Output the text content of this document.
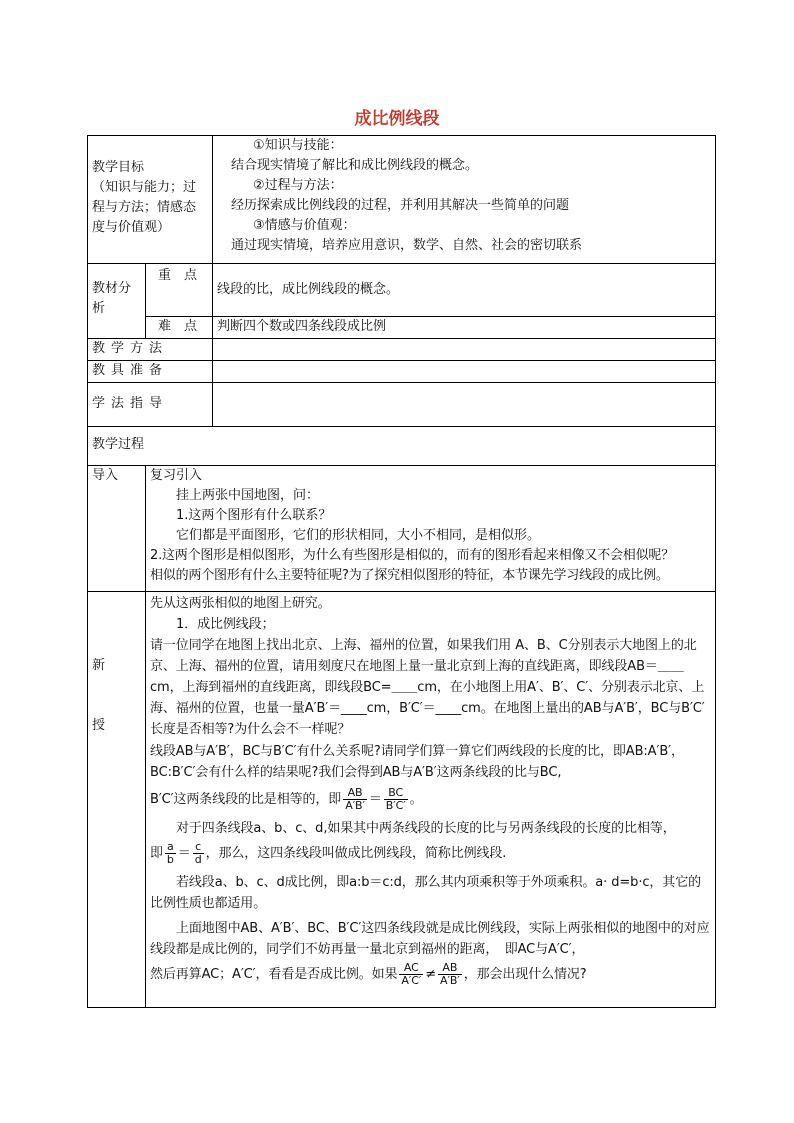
成比例线段
教学目标
（知识与能力；过
程与方法；情感态
度与价值观）
①知识与技能：
结合现实情境了解比和成比例线段的概念。
②过程与方法：
经历探索成比例线段的过程，并利用其解决一些简单的问题
③情感与价值观：
通过现实情境，培养应用意识，数学、自然、社会的密切联系
教材分
析
重　点
线段的比，成比例线段的概念。
难　点	判断四个数或四条线段成比例
教学方法
教具准备
学法指导
教学过程
导入	复习引入
挂上两张中国地图，问：
1.这两个图形有什么联系？
它们都是平面图形，它们的形状相同，大小不相同，是相似形。
2.这两个图形是相似图形，为什么有些图形是相似的，而有的图形看起来相像又不会相似呢？
相似的两个图形有什么主要特征呢?为了探究相似图形的特征，本节课先学习线段的成比例。
新
授
先从这两张相似的地图上研究。
1．成比例线段；
请一位同学在地图上找出北京、上海、福州的位置，如果我们用 A、B、C分别表示大地图上的北京、上海、福州的位置，请用刻度尺在地图上量一量北京到上海的直线距离，即线段AB＝＿＿cm，上海到福州的直线距离，即线段BC=＿＿cm，在小地图上用A′、B′、C′、分别表示北京、上海、福州的位置，也量一量A′B′＝____cm，B′C′＝____cm。在地图上量出的AB与A′B′，BC与B′C′长度是否相等?为什么会不一样呢？
线段AB与A′B′，BC与B′C′有什么关系呢?请同学们算一算它们两线段的长度的比，即AB:A′B′，BC:B′C′会有什么样的结果呢?我们会得到AB与A′B′这两条线段的比与BC,
B′C′这两条线段的比是相等的，即 $\frac{AB}{A'B'} = \frac{BC}{B'C'}$ 。
对于四条线段a、b、c、d,如果其中两条线段的长度的比与另两条线段的长度的比相等，
即 $\frac{a}{b} = \frac{c}{d}$ ，那么，这四条线段叫做成比例线段，简称比例线段.
若线段a、b、c、d成比例，即a:b＝c:d，那么其内项乘积等于外项乘积。a· d=b·c，其它的比例性质也都适用。
上面地图中AB、A′B′、BC、B′C′这四条线段就是成比例线段，实际上两张相似的地图中的对应线段都是成比例的，同学们不妨再量一量北京到福州的距离，　即AC与A′C′，
然后再算AC；A′C′，看看是否成比例。如果 $\frac{AC}{A'C'} \ne \frac{AB}{A'B'}$ ，那会出现什么情况?
